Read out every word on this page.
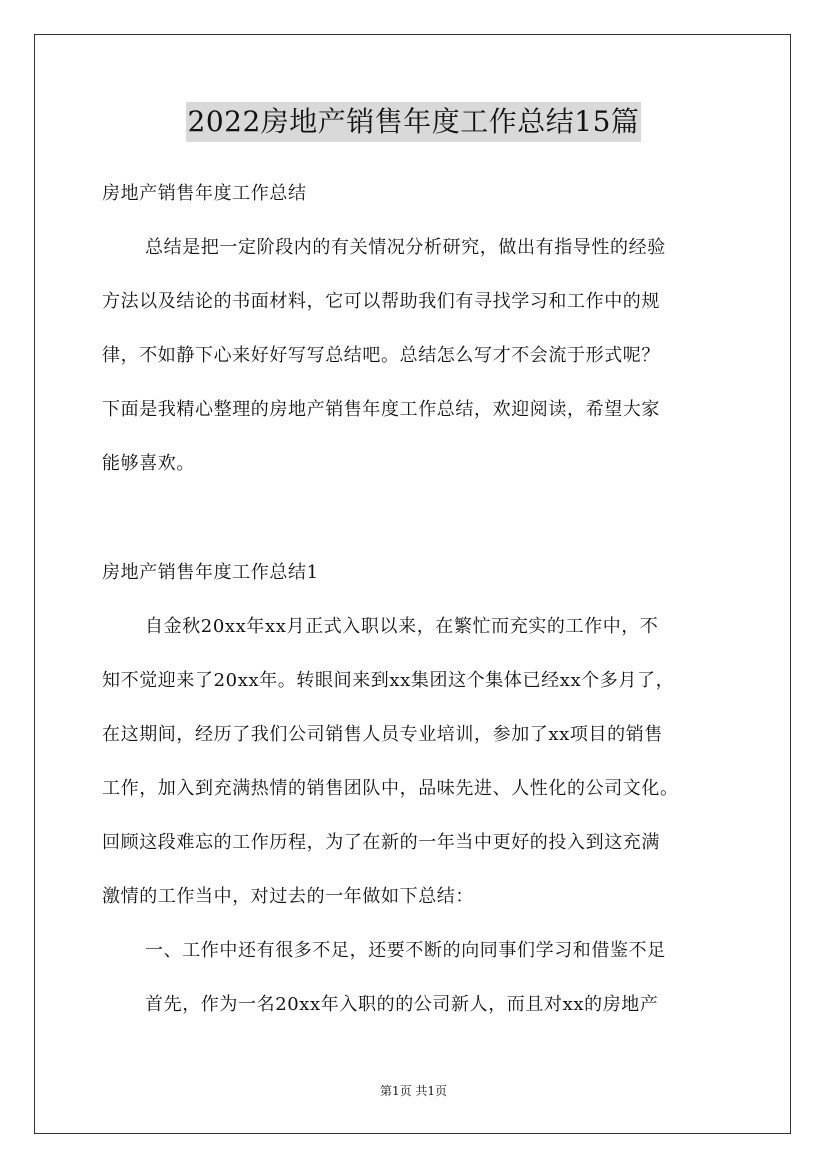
2022房地产销售年度工作总结15篇
房地产销售年度工作总结
总结是把一定阶段内的有关情况分析研究，做出有指导性的经验
方法以及结论的书面材料，它可以帮助我们有寻找学习和工作中的规
律，不如静下心来好好写写总结吧。总结怎么写才不会流于形式呢？
下面是我精心整理的房地产销售年度工作总结，欢迎阅读，希望大家
能够喜欢。
房地产销售年度工作总结1
自金秋20xx年xx月正式入职以来，在繁忙而充实的工作中，不
知不觉迎来了20xx年。转眼间来到xx集团这个集体已经xx个多月了，
在这期间，经历了我们公司销售人员专业培训，参加了xx项目的销售
工作，加入到充满热情的销售团队中，品味先进、人性化的公司文化。
回顾这段难忘的工作历程，为了在新的一年当中更好的投入到这充满
激情的工作当中，对过去的一年做如下总结：
一、工作中还有很多不足，还要不断的向同事们学习和借鉴不足
首先，作为一名20xx年入职的的公司新人，而且对xx的房地产
第1页 共1页
